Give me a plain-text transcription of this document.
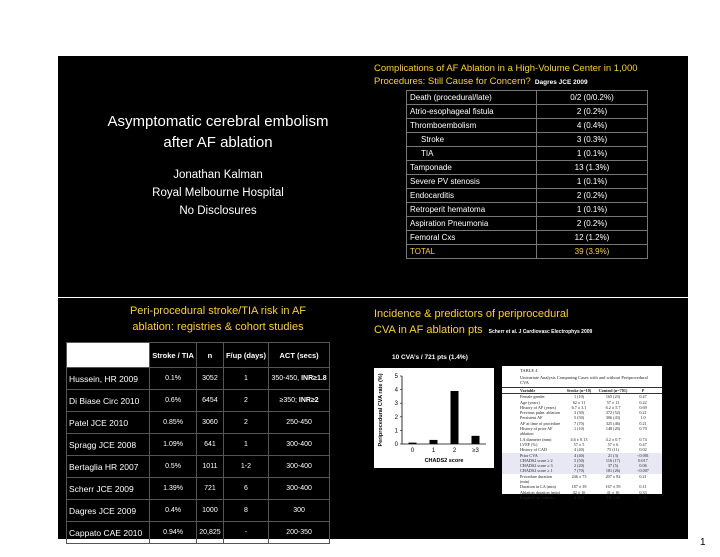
Asymptomatic cerebral embolism
after AF ablation
Jonathan Kalman
Royal Melbourne Hospital
No Disclosures
Complications of AF Ablation in a High-Volume Center in 1,000 Procedures: Still Cause for Concern? Dagres JCE 2009
Death (procedural/late)	0/2 (0/0.2%)
Atrio-esophageal fistula	2 (0.2%)
Thromboembolism	4 (0.4%)
Stroke	3 (0.3%)
TIA	1 (0.1%)
Tamponade	13 (1.3%)
Severe PV stenosis	1 (0.1%)
Endocarditis	2 (0.2%)
Retroperit hematoma	1 (0.1%)
Aspiration Pneumonia	2 (0.2%)
Femoral Cxs	12 (1.2%)
TOTAL	39 (3.9%)
Peri-procedural stroke/TIA risk in AF
ablation: registries & cohort studies
	Stroke / TIA	n	F/up (days)	ACT (secs)
Hussein, HR 2009	0.1%	3052	1	350-450, INR≥1.8
Di Biase Circ 2010	0.6%	6454	2	≥350; INR≥2
Patel JCE 2010	0.85%	3060	2	250-450
Spragg JCE 2008	1.09%	641	1	300-400
Bertaglia HR 2007	0.5%	1011	1-2	300-400
Scherr JCE 2009	1.39%	721	6	300-400
Dagres JCE 2009	0.4%	1000	8	300
Cappato CAE 2010	0.94%	20,825	-	200-350
Incidence & predictors of periprocedural
CVA in AF ablation pts Scherr et al. J Cardiovasc Electrophys 2009
10 CVA’s / 721 pts (1.4%)
0
1
2
3
4
5
0	1	2	≥3
CHADS2 score
Periprocedural CVA rate (%)
TABLE 4
Univariate Analysis Comparing Cases with and without Periprocedural CVA
Variable	Stroke (n=10)	Control (n=701)	P
Female gender	1 (10)	165 (23)	0.47
Age (years)	62 ± 11	57 ± 11	0.22
History of AF (years)	6.7 ± 3.1	6.2 ± 5.7	0.69
Previous pulm. ablation	3 (30)	372 (52)	0.21
Persistent AF	5 (50)	306 (43)	1.0
AF at time of procedure	7 (70)	325 (46)	0.21
History of prior AF ablation
1 (10)	148 (20)	0.70
LA diameter (mm)	4.6 ± 0.13	4.2 ± 0.7	0.74
LVEF (%)	57 ± 5	57 ± 6	0.47
History of CAD	4 (40)	75 (11)	0.02
Prior CVA	4 (40)	21 (3)	<0.001
CHADS2 score ≥ 2	5 (50)	116 (17)	0.017
CHADS2 score ≥ 3	2 (20)	37 (5)	0.06
CHADS2 score ≥ 1	7 (70)	181 (26)	<0.007
Procedure duration (min)
246 ± 73	207 ± 82	0.21
Duration in LA (min)	187 ± 39	167 ± 59	0.11
Ablation duration (min)	42 ± 16	41 ± 16	0.33
Irrigated tip catheter	6 (60)	316 (44)	0.69
1
